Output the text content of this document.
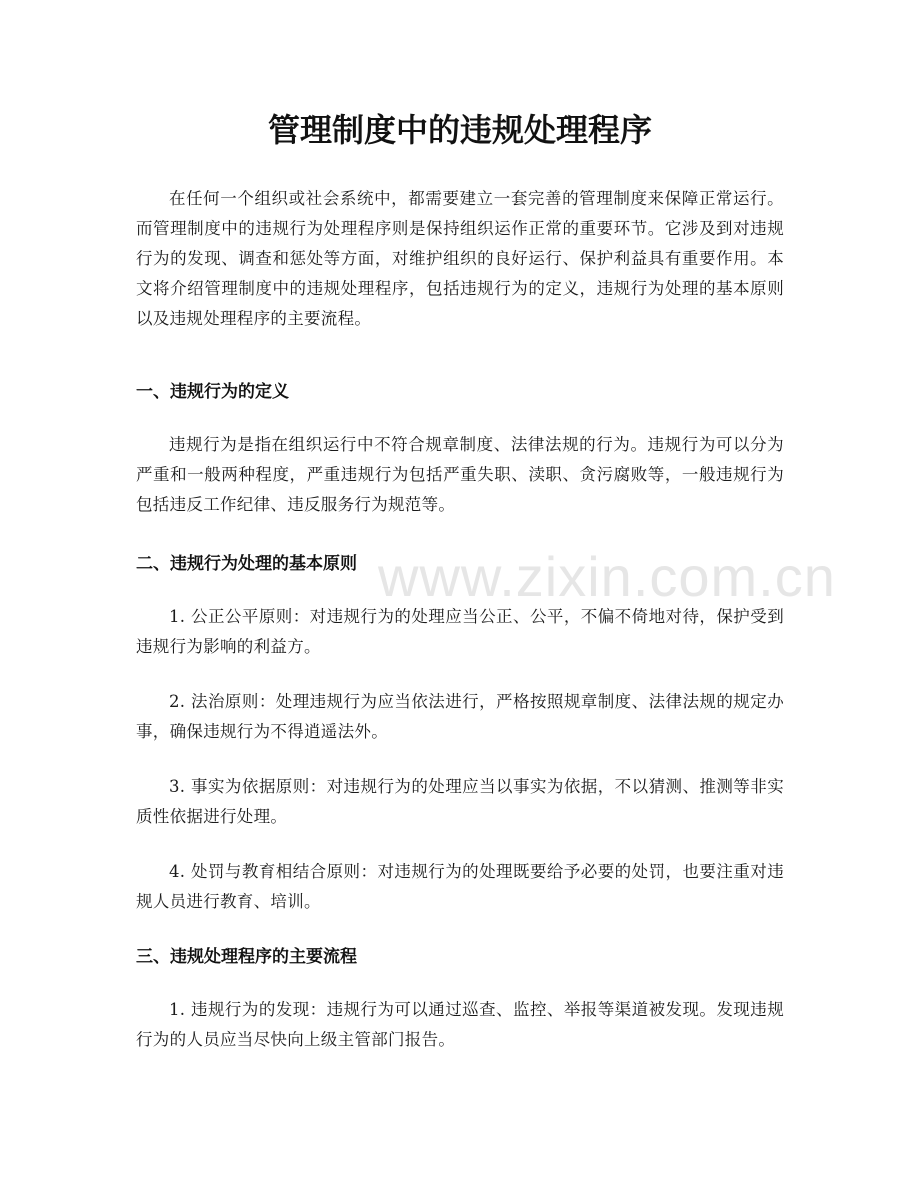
www.zixin.com.cn
管理制度中的违规处理程序

在任何一个组织或社会系统中，都需要建立一套完善的管理制度来保障正常运行。而管理制度中的违规行为处理程序则是保持组织运作正常的重要环节。它涉及到对违规行为的发现、调查和惩处等方面，对维护组织的良好运行、保护利益具有重要作用。本文将介绍管理制度中的违规处理程序，包括违规行为的定义，违规行为处理的基本原则以及违规处理程序的主要流程。

一、违规行为的定义

违规行为是指在组织运行中不符合规章制度、法律法规的行为。违规行为可以分为严重和一般两种程度，严重违规行为包括严重失职、渎职、贪污腐败等，一般违规行为包括违反工作纪律、违反服务行为规范等。

二、违规行为处理的基本原则

1. 公正公平原则：对违规行为的处理应当公正、公平，不偏不倚地对待，保护受到违规行为影响的利益方。

2. 法治原则：处理违规行为应当依法进行，严格按照规章制度、法律法规的规定办事，确保违规行为不得逍遥法外。

3. 事实为依据原则：对违规行为的处理应当以事实为依据，不以猜测、推测等非实质性依据进行处理。

4. 处罚与教育相结合原则：对违规行为的处理既要给予必要的处罚，也要注重对违规人员进行教育、培训。

三、违规处理程序的主要流程

1. 违规行为的发现：违规行为可以通过巡查、监控、举报等渠道被发现。发现违规行为的人员应当尽快向上级主管部门报告。
